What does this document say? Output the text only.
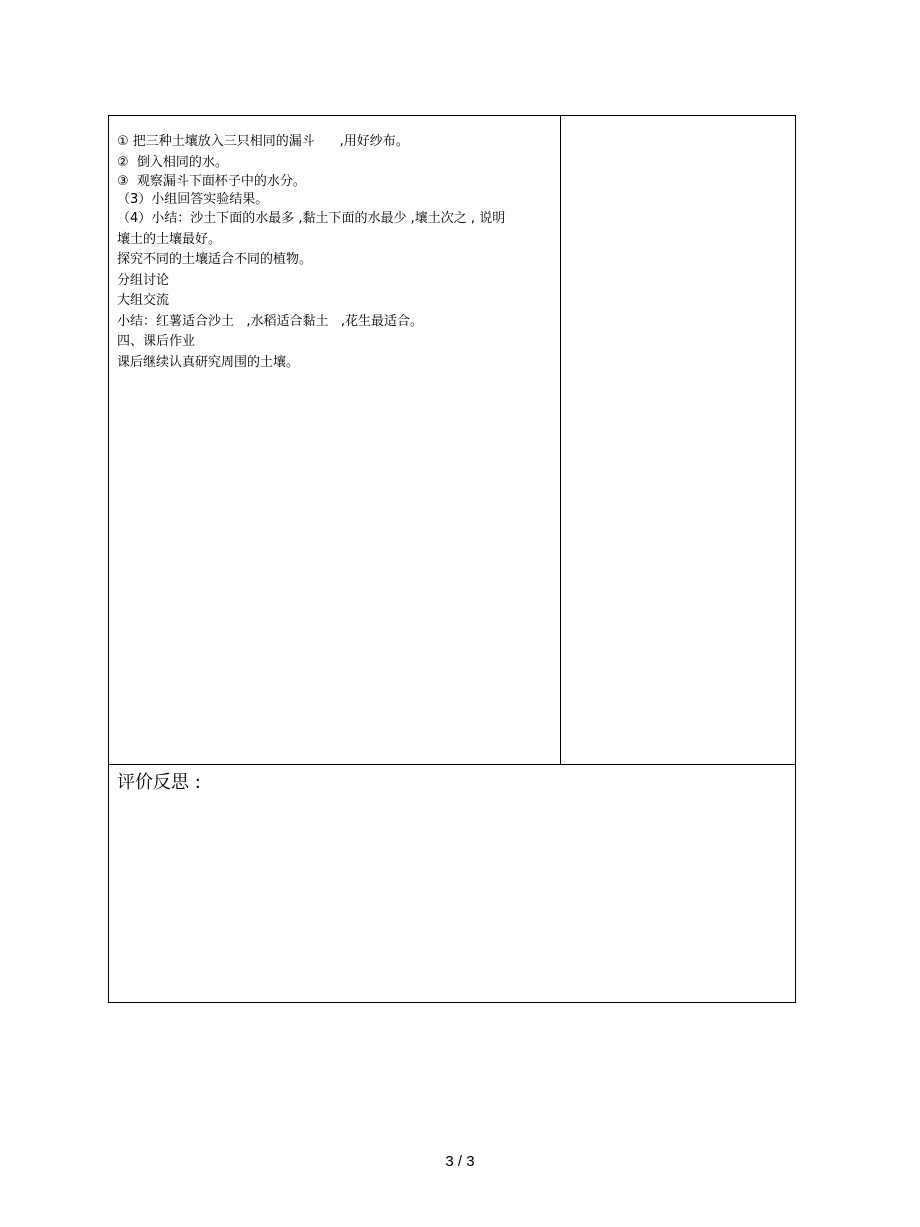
① 把三种土壤放入三只相同的漏斗      ,用好纱布。
②  倒入相同的水。
③  观察漏斗下面杯子中的水分。
（3）小组回答实验结果。
（4）小结：沙土下面的水最多 ,黏土下面的水最少 ,壤土次之 , 说明
壤土的土壤最好。
探究不同的土壤适合不同的植物。
分组讨论
大组交流
小结：红薯适合沙土   ,水稻适合黏土   ,花生最适合。
四、课后作业
课后继续认真研究周围的土壤。
评价反思 :
3 / 3
